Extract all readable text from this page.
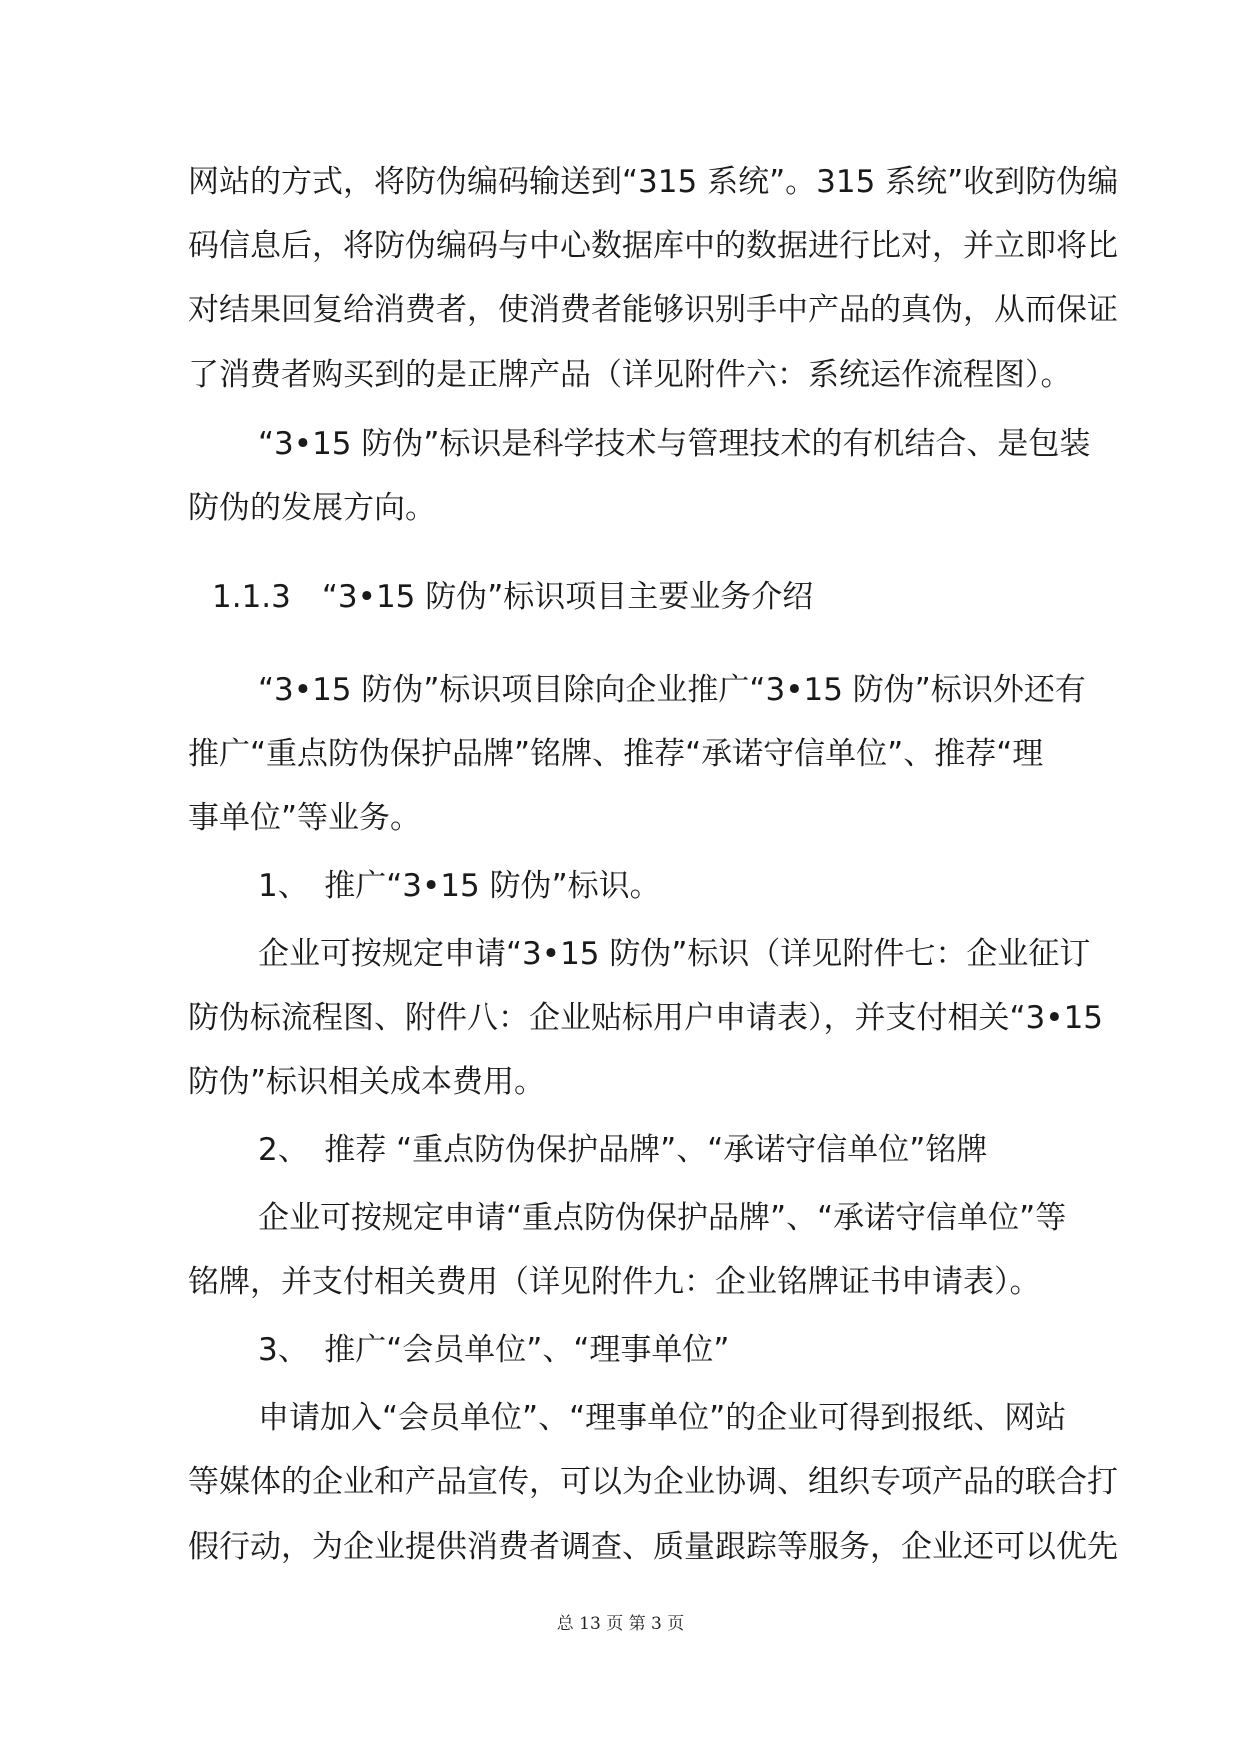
网站的方式，将防伪编码输送到“315 系统”。315 系统”收到防伪编
码信息后，将防伪编码与中心数据库中的数据进行比对，并立即将比
对结果回复给消费者，使消费者能够识别手中产品的真伪，从而保证
了消费者购买到的是正牌产品（详见附件六：系统运作流程图）。
“3•15 防伪”标识是科学技术与管理技术的有机结合、是包装
防伪的发展方向。
1.1.3　“3•15 防伪”标识项目主要业务介绍
“3•15 防伪”标识项目除向企业推广“3•15 防伪”标识外还有
推广“重点防伪保护品牌”铭牌、推荐“承诺守信单位”、推荐“理
事单位”等业务。
1、　推广“3•15 防伪”标识。
企业可按规定申请“3•15 防伪”标识（详见附件七：企业征订
防伪标流程图、附件八：企业贴标用户申请表），并支付相关“3•15
防伪”标识相关成本费用。
2、　推荐 “重点防伪保护品牌”、“承诺守信单位”铭牌
企业可按规定申请“重点防伪保护品牌”、“承诺守信单位”等
铭牌，并支付相关费用（详见附件九：企业铭牌证书申请表）。
3、　推广“会员单位”、“理事单位”
申请加入“会员单位”、“理事单位”的企业可得到报纸、网站
等媒体的企业和产品宣传，可以为企业协调、组织专项产品的联合打
假行动，为企业提供消费者调查、质量跟踪等服务，企业还可以优先
总 13 页 第 3 页
